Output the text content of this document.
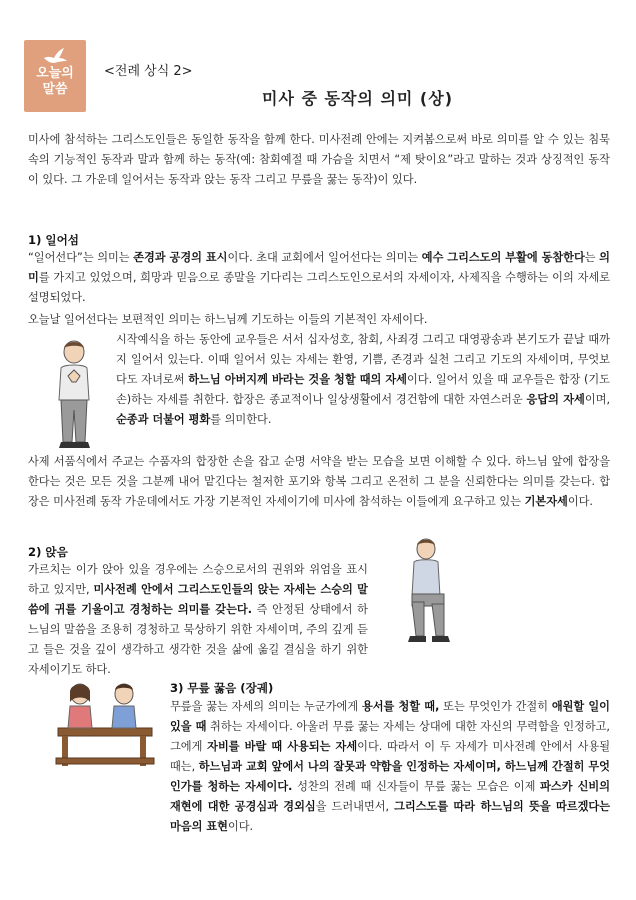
오늘의
말씀
<전례 상식 2>
미사 중 동작의 의미 (상)
미사에 참석하는 그리스도인들은 동일한 동작을 함께 한다. 미사전례 안에는 지켜봄으로써 바로 의미를 알 수 있는 침묵속의 기능적인 동작과 말과 함께 하는 동작(예: 참회예절 때 가슴을 치면서 “제 탓이요”라고 말하는 것과 상징적인 동작이 있다. 그 가운데 일어서는 동작과 앉는 동작 그리고 무릎을 꿇는 동작)이 있다.
1) 일어섬
“일어선다”는 의미는 존경과 공경의 표시이다. 초대 교회에서 일어선다는 의미는 예수 그리스도의 부활에 동참한다는 의미를 가지고 있었으며, 희망과 믿음으로 종말을 기다리는 그리스도인으로서의 자세이자, 사제직을 수행하는 이의 자세로 설명되었다.
오늘날 일어선다는 보편적인 의미는 하느님께 기도하는 이들의 기본적인 자세이다.
시작예식을 하는 동안에 교우들은 서서 십자성호, 참회, 사죄경 그리고 대영광송과 본기도가 끝날 때까지 일어서 있는다. 이때 일어서 있는 자세는 환영, 기쁨, 존경과 실천 그리고 기도의 자세이며, 무엇보다도 자녀로써 하느님 아버지께 바라는 것을 청할 때의 자세이다. 일어서 있을 때 교우들은 합장 (기도 손)하는 자세를 취한다. 합장은 종교적이나 일상생활에서 경건함에 대한 자연스러운 응답의 자세이며, 순종과 더불어 평화를 의미한다.
사제 서품식에서 주교는 수품자의 합장한 손을 잡고 순명 서약을 받는 모습을 보면 이해할 수 있다. 하느님 앞에 합장을 한다는 것은 모든 것을 그분께 내어 맡긴다는 철저한 포기와 항복 그리고 온전히 그 분을 신뢰한다는 의미를 갖는다. 합장은 미사전례 동작 가운데에서도 가장 기본적인 자세이기에 미사에 참석하는 이들에게 요구하고 있는 기본자세이다.
2) 앉음
가르치는 이가 앉아 있을 경우에는 스승으로서의 권위와 위엄을 표시하고 있지만, 미사전례 안에서 그리스도인들의 앉는 자세는 스승의 말씀에 귀를 기울이고 경청하는 의미를 갖는다. 즉 안정된 상태에서 하느님의 말씀을 조용히 경청하고 묵상하기 위한 자세이며, 주의 깊게 듣고 들은 것을 깊이 생각하고 생각한 것을 삶에 옮길 결심을 하기 위한 자세이기도 하다.
3) 무릎 꿇음 (장궤)
무릎을 꿇는 자세의 의미는 누군가에게 용서를 청할 때, 또는 무엇인가 간절히 애원할 일이 있을 때 취하는 자세이다. 아울러 무릎 꿇는 자세는 상대에 대한 자신의 무력함을 인정하고, 그에게 자비를 바랄 때 사용되는 자세이다. 따라서 이 두 자세가 미사전례 안에서 사용될 때는, 하느님과 교회 앞에서 나의 잘못과 약함을 인정하는 자세이며, 하느님께 간절히 무엇인가를 청하는 자세이다. 성찬의 전례 때 신자들이 무릎 꿇는 모습은 이제 파스카 신비의 재현에 대한 공경심과 경외심을 드러내면서, 그리스도를 따라 하느님의 뜻을 따르겠다는 마음의 표현이다.
